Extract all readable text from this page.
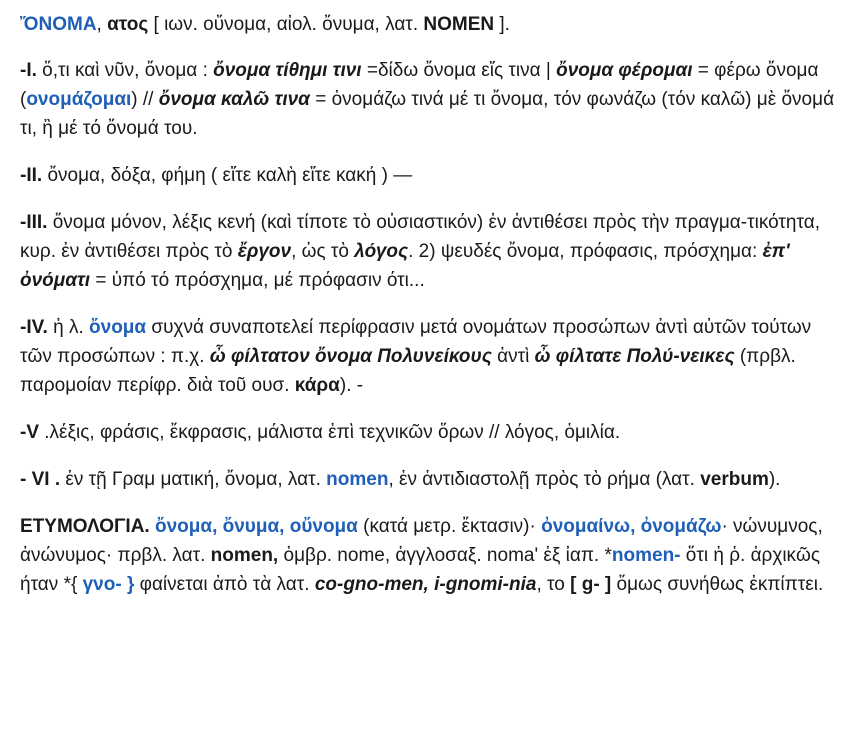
ὌΝΟΜΑ, ατος [ ιων. οὔνομα, αἰολ. ὄνυμα, λατ. NOMEN ].

-I. ὅ,τι καὶ νῦν, ὄνομα : ὄνομα τίθημι τινι =δίδω ὄνομα εἴς τινα | ὄνομα φέρομαι = φέρω ὄνομα (ονομάζομαι) // ὄνομα καλῶ τινα = ὀνομάζω τινά μέ τι ὄνομα, τόν φωνάζω (τόν καλῶ) μὲ ὄνομά τι, ἢ μέ τό ὄνομά του.

-II. ὄνομα, δόξα, φήμη ( εἴτε καλὴ εἴτε κακή ) —

-III. ὄνομα μόνον, λέξις κενή (καὶ τίποτε τὸ οὐσιαστικόν) ἐν ἀντιθέσει πρὸς τὴν πραγμα-τικότητα, κυρ. ἐν ἀντιθέσει πρὸς τὸ ἔργον, ὡς τὸ λόγος. 2) ψευδές ὄνομα, πρόφασις, πρόσχημα: ἐπ' ὀνόματι = ὑπό τό πρόσχημα, μέ πρόφασιν ότι...

-IV. ἡ λ. ὄνομα συχνά συναποτελεί περίφρασιν μετά ονομάτων προσώπων ἀντὶ αὐτῶν τούτων τῶν προσώπων : π.χ. ὦ φίλτατον ὄνομα Πολυνείκους ἀντὶ ὦ φίλτατε Πολύ-νεικες (πρβλ. παρομοίαν περίφρ. διὰ τοῦ ουσ. κάρα). -

-V .λέξις, φράσις, ἔκφρασις, μάλιστα ἐπὶ τεχνικῶν ὅρων // λόγος, ὁμιλία.

- VI . ἐν τῇ Γραμ ματική, ὄνομα, λατ. nomen, ἐν ἀντιδιαστολῇ πρὸς τὸ ρήμα (λατ. verbum).

ΕΤΥΜΟΛΟΓΙΑ. ὄνομα, ὄνυμα, οὔνομα (κατά μετρ. ἔκτασιν)· ὀνομαίνω, ὀνομάζω· νώνυμνος, ἀνώνυμος· πρβλ. λατ. nomen, ὀμβρ. nome, ἀγγλοσαξ. noma' ἐξ ἰαπ. *nomen- ὅτι ἡ ῥ. ἀρχικῶς ήταν *{ γνο- } φαίνεται ἀπὸ τὰ λατ. co-gno-men, i-gnomi-nia, το [ g- ] ὅμως συνήθως ἐκπίπτει.
